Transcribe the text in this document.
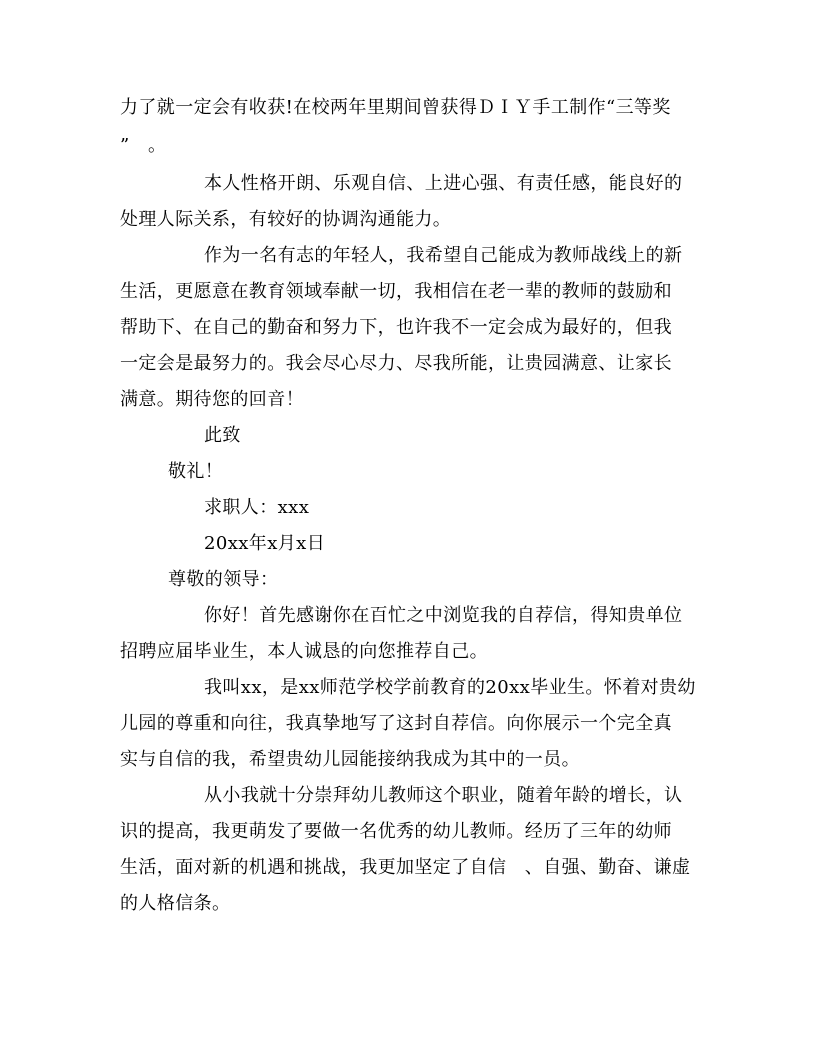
力了就一定会有收获!在校两年里期间曾获得ＤＩＹ手工制作“三等奖
”　。
本人性格开朗、乐观自信、上进心强、有责任感，能良好的
处理人际关系，有较好的协调沟通能力。
作为一名有志的年轻人，我希望自己能成为教师战线上的新
生活，更愿意在教育领域奉献一切，我相信在老一辈的教师的鼓励和
帮助下、在自己的勤奋和努力下，也许我不一定会成为最好的，但我
一定会是最努力的。我会尽心尽力、尽我所能，让贵园满意、让家长
满意。期待您的回音！
此致
敬礼！
求职人：xxx
20xx年x月x日
尊敬的领导：
你好！首先感谢你在百忙之中浏览我的自荐信，得知贵单位
招聘应届毕业生，本人诚恳的向您推荐自己。
我叫xx，是xx师范学校学前教育的20xx毕业生。怀着对贵幼
儿园的尊重和向往，我真挚地写了这封自荐信。向你展示一个完全真
实与自信的我，希望贵幼儿园能接纳我成为其中的一员。
从小我就十分崇拜幼儿教师这个职业，随着年龄的增长，认
识的提高，我更萌发了要做一名优秀的幼儿教师。经历了三年的幼师
生活，面对新的机遇和挑战，我更加坚定了自信　、自强、勤奋、谦虚
的人格信条。
